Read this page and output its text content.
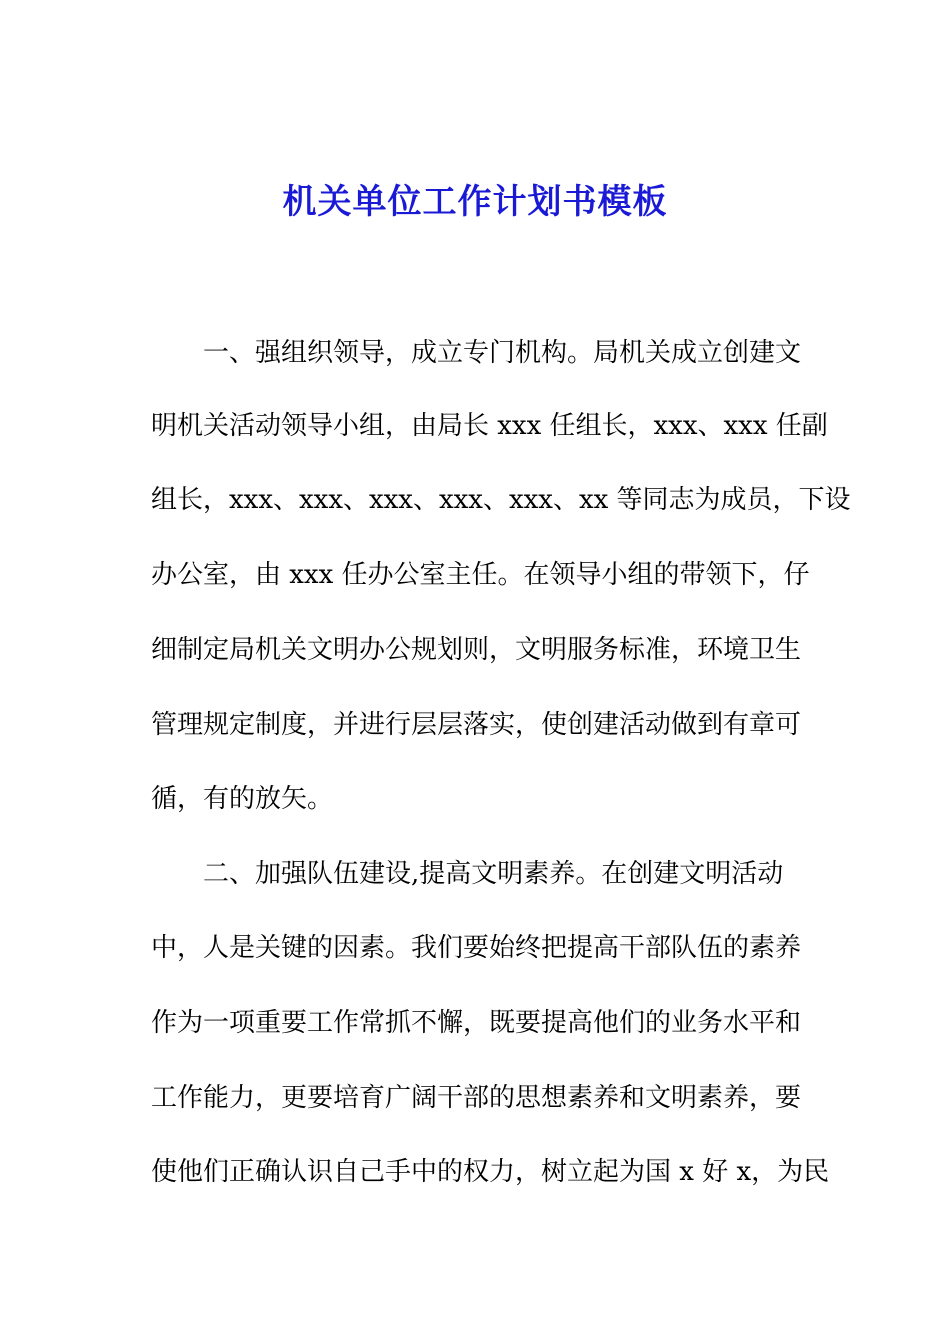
机关单位工作计划书模板
一、强组织领导，成立专门机构。局机关成立创建文
明机关活动领导小组，由局长 xxx 任组长，xxx、xxx 任副
组长，xxx、xxx、xxx、xxx、xxx、xx 等同志为成员，下设
办公室，由 xxx 任办公室主任。在领导小组的带领下，仔
细制定局机关文明办公规划则，文明服务标准，环境卫生
管理规定制度，并进行层层落实，使创建活动做到有章可
循，有的放矢。
二、加强队伍建设,提高文明素养。在创建文明活动
中，人是关键的因素。我们要始终把提高干部队伍的素养
作为一项重要工作常抓不懈，既要提高他们的业务水平和
工作能力，更要培育广阔干部的思想素养和文明素养，要
使他们正确认识自己手中的权力，树立起为国 x 好 x，为民
